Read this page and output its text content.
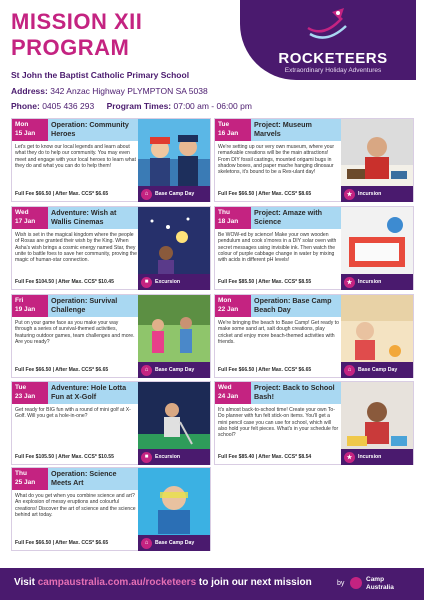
MISSION XII
PROGRAM	ROCKETEERS
Extraordinary Holiday Adventures
St John the Baptist Catholic Primary School
Address: 342 Anzac Highway PLYMPTON SA 5038
Phone: 0405 436 293 Program Times: 07:00 am - 06:00 pm
Mon
15 Jan
Operation: Community Heroes
Let's get to know our local legends and learn about what they do to help our community. You may even meet and engage with your local heroes to learn what they do and what you can do to help them!
Full Fee $66.50 | After Max. CCS* $6.65	⌂	Base Camp Day
Tue
16 Jan
Project: Museum Marvels
We're setting up our very own museum, where your remarkable creations will be the main attractions! From DIY fossil castings, mounted origami bugs in shadow boxes, and paper mache hanging dinosaur skeletons, it's bound to be a Rex-ulant day!
Full Fee $66.50 | After Max. CCS* $8.65	★	Incursion
Wed
17 Jan
Adventure: Wish at Wallis Cinemas
Wish is set in the magical kingdom where the people of Rosas are granted their wish by the King. When Asha's wish brings a cosmic energy named Star, they unite to battle foes to save her community, proving the magic of human-star connection.
Full Fee $104.50 | After Max. CCS* $10.45	■	Excursion
Thu
18 Jan
Project: Amaze with Science
Be WOW-ed by science! Make your own wooden pendulum and cook s'mores in a DIY solar oven with secret messages using invisible ink. Then watch the colour of purple cabbage change in water by mixing with acids in different pH levels!
Full Fee $85.50 | After Max. CCS* $8.55	★	Incursion
Fri
19 Jan
Operation: Survival Challenge
Put on your game face as you make your way through a series of survival-themed activities, featuring outdoor games, team challenges and more. Are you ready?
Full Fee $66.50 | After Max. CCS* $6.65	⌂	Base Camp Day
Mon
22 Jan
Operation: Base Camp Beach Day
We're bringing the beach to Base Camp! Get ready to make some sand art, salt dough creations, play cricket and enjoy more beach-themed activities with friends.
Full Fee $66.50 | After Max. CCS* $6.65	⌂	Base Camp Day
Tue
23 Jan
Adventure: Hole Lotta Fun at X-Golf
Get ready for BIG fun with a round of mini golf at X-Golf. Will you get a hole-in-one?
Full Fee $105.50 | After Max. CCS* $10.55	■	Excursion
Wed
24 Jan
Project: Back to School Bash!
It's almost back-to-school time! Create your own To-Do planner with fun felt stick-on items. You'll get a mini pencil case you can use for school, which will also hold your felt pieces. What's in your schedule for school?
Full Fee $85.40 | After Max. CCS* $8.54	★	Incursion
Thu
25 Jan
Operation: Science Meets Art
What do you get when you combine science and art? An explosion of messy eruptions and colourful creations! Discover the art of science and the science behind art today.
Full Fee $66.50 | After Max. CCS* $6.65	⌂	Base Camp Day
Visit campaustralia.com.au/rocketeers to join our next mission	by
Camp
Australia
